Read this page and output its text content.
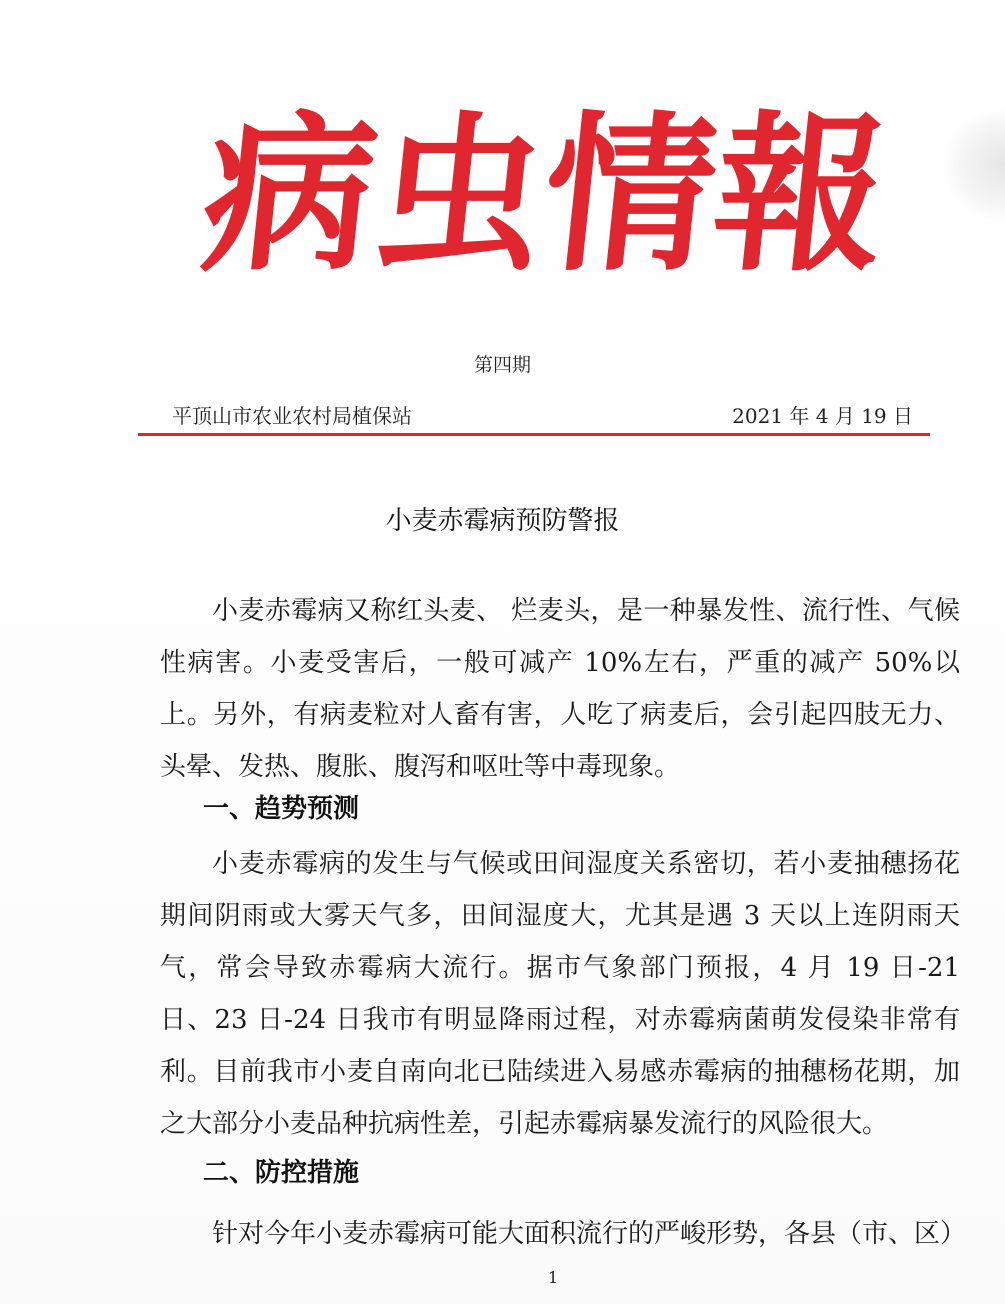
病
虫
情
報
第四期
平顶山市农业农村局植保站	2021 年 4 月 19 日
小麦赤霉病预防警报

小麦赤霉病又称红头麦、 烂麦头，是一种暴发性、流行性、气候性病害。小麦受害后，一般可减产 10%左右，严重的减产 50%以上。另外，有病麦粒对人畜有害，人吃了病麦后，会引起四肢无力、头晕、发热、腹胀、腹泻和呕吐等中毒现象。

一、趋势预测

小麦赤霉病的发生与气候或田间湿度关系密切，若小麦抽穗扬花期间阴雨或大雾天气多，田间湿度大，尤其是遇 3 天以上连阴雨天气，常会导致赤霉病大流行。据市气象部门预报，4 月 19 日-21 日、23 日-24 日我市有明显降雨过程，对赤霉病菌萌发侵染非常有利。目前我市小麦自南向北已陆续进入易感赤霉病的抽穗杨花期，加之大部分小麦品种抗病性差，引起赤霉病暴发流行的风险很大。

二、防控措施

针对今年小麦赤霉病可能大面积流行的严峻形势，各县（市、区）

1
